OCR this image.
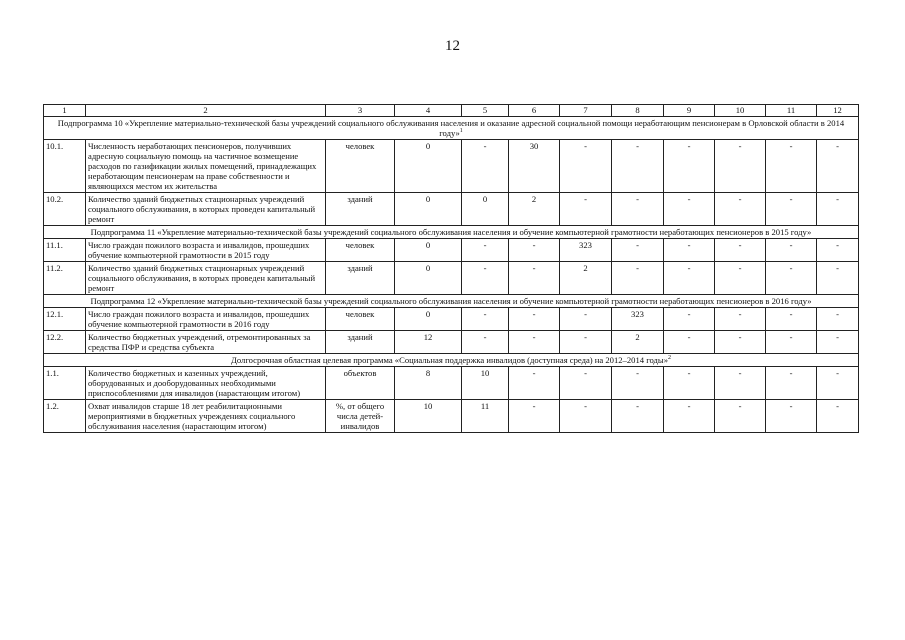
12
1	2	3	4	5	6	7	8	9	10	11	12
Подпрограмма 10 «Укрепление материально-технической базы учреждений социального обслуживания населения и оказание адресной социальной помощи неработающим пенсионерам в Орловской области в 2014 году»$^1$
10.1.	Численность неработающих пенсионеров, получивших адресную социальную помощь на частичное возмещение расходов по газификации жилых помещений, принадлежащих неработающим пенсионерам на праве собственности и являющихся местом их жительства	человек	0	-	30	-	-	-	-	-	-
10.2.	Количество зданий бюджетных стационарных учреждений социального обслуживания, в которых проведен капитальный ремонт	зданий	0	0	2	-	-	-	-	-	-
Подпрограмма 11 «Укрепление материально-технической базы учреждений социального обслуживания населения и обучение компьютерной грамотности неработающих пенсионеров в 2015 году»											
11.1.	Число граждан пожилого возраста и инвалидов, прошедших обучение компьютерной грамотности в 2015 году	человек	0	-	-	323	-	-	-	-	-
11.2.	Количество зданий бюджетных стационарных учреждений социального обслуживания, в которых проведен капитальный ремонт	зданий	0	-	-	2	-	-	-	-	-
Подпрограмма 12 «Укрепление материально-технической базы учреждений социального обслуживания населения и обучение компьютерной грамотности неработающих пенсионеров в 2016 году»											
12.1.	Число граждан пожилого возраста и инвалидов, прошедших обучение компьютерной грамотности в 2016 году	человек	0	-	-	-	323	-	-	-	-
12.2.	Количество бюджетных учреждений, отремонтированных за средства ПФР и средства субъекта	зданий	12	-	-	-	2	-	-	-	-
Долгосрочная областная целевая программа «Социальная поддержка инвалидов (доступная среда) на 2012–2014 годы»$^2$
1.1.	Количество бюджетных и казенных учреждений, оборудованных и дооборудованных необходимыми приспособлениями для инвалидов (нарастающим итогом)	объектов	8	10	-	-	-	-	-	-	-
1.2.	Охват инвалидов старше 18 лет реабилитационными мероприятиями в бюджетных учреждениях социального обслуживания населения (нарастающим итогом)	%, от общего числа детей-инвалидов	10	11	-	-	-	-	-	-	-
